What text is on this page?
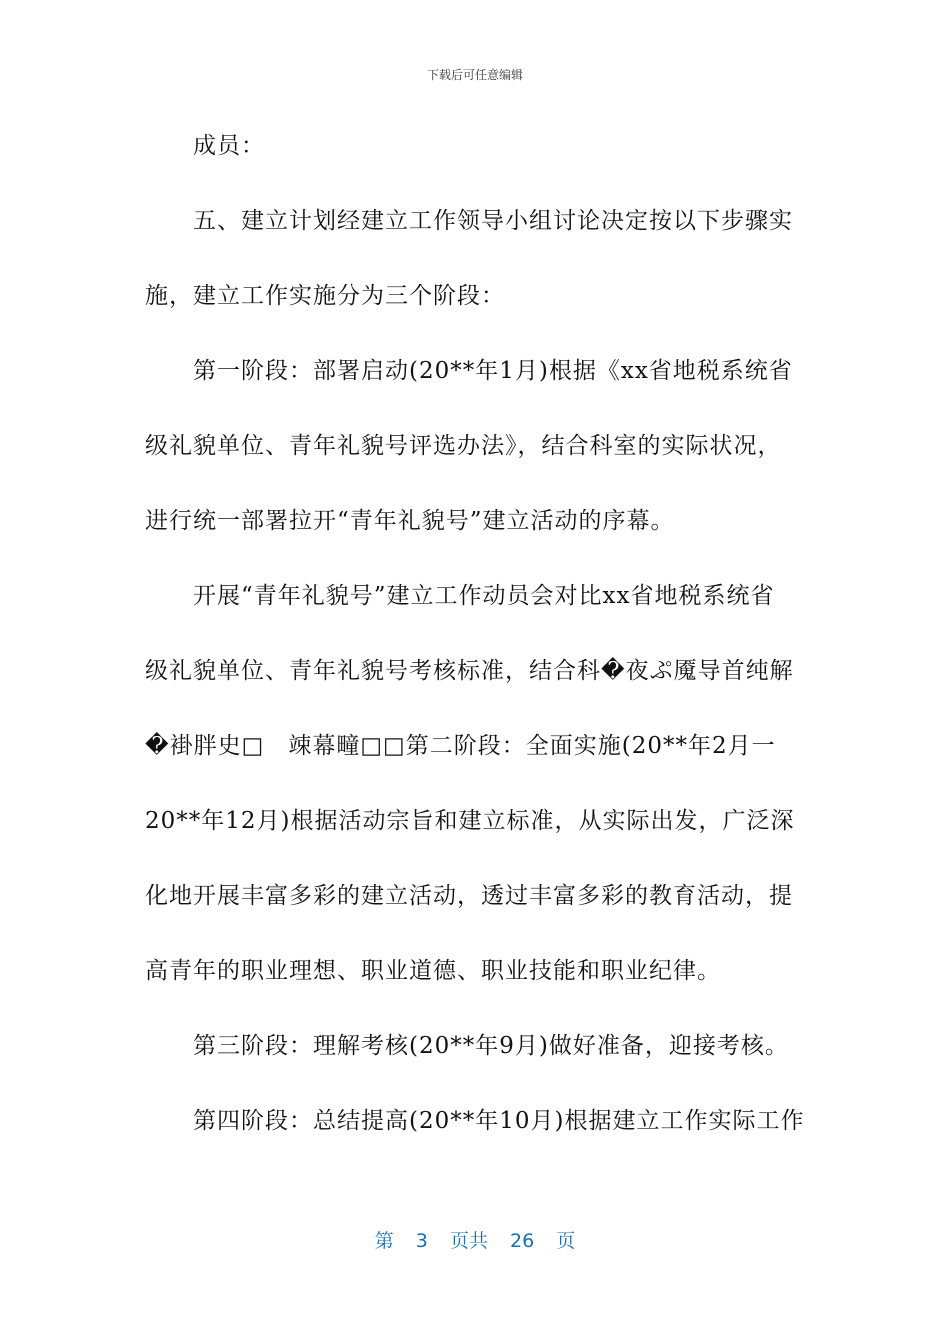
下载后可任意编辑
成员：
五、建立计划经建立工作领导小组讨论决定按以下步骤实
施，建立工作实施分为三个阶段：
第一阶段：部署启动(20**年1月)根据《xx省地税系统省
级礼貌单位、青年礼貌号评选办法》，结合科室的实际状况，
进行统一部署拉开“青年礼貌号”建立活动的序幕。
开展“青年礼貌号”建立工作动员会对比xx省地税系统省
级礼貌单位、青年礼貌号考核标准，结合科�夜ぷ魇导首纯解
�褂胖史□　竦幕疃□□第二阶段：全面实施(20**年2月一
20**年12月)根据活动宗旨和建立标准，从实际出发，广泛深
化地开展丰富多彩的建立活动，透过丰富多彩的教育活动，提
高青年的职业理想、职业道德、职业技能和职业纪律。
第三阶段：理解考核(20**年9月)做好准备，迎接考核。
第四阶段：总结提高(20**年10月)根据建立工作实际工作
第 3 页共 26 页
